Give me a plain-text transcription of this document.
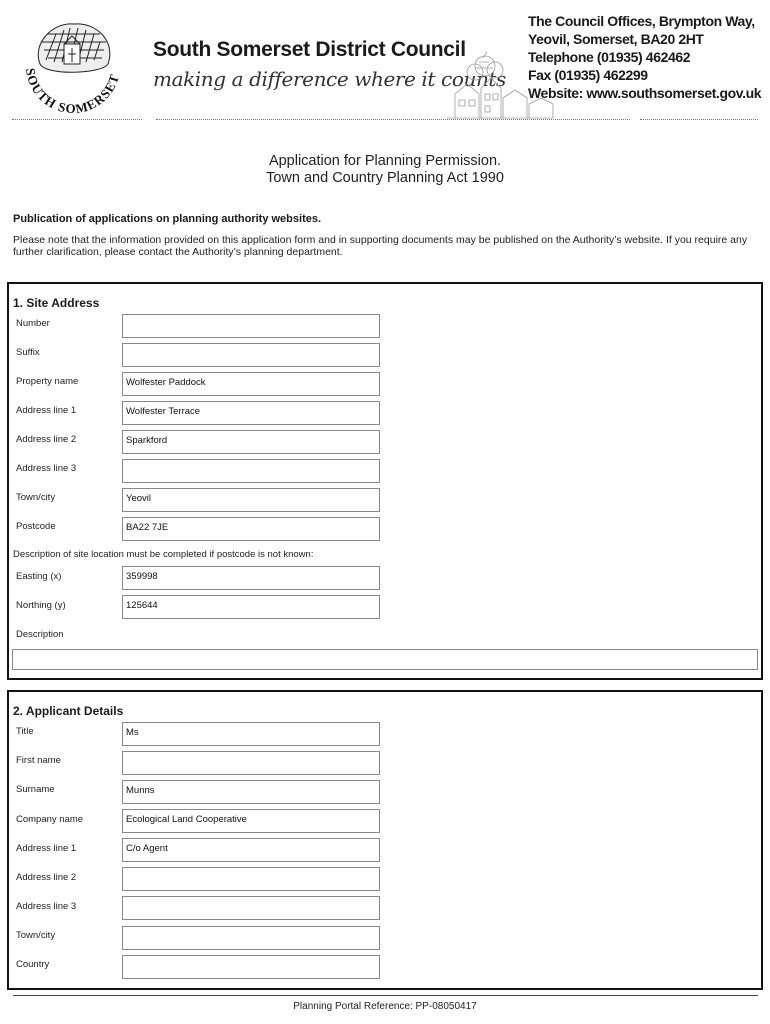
SOUTH SOMERSET
South Somerset District Council
making a difference where it counts
The Council Offices, Brympton Way,
Yeovil, Somerset, BA20 2HT
Telephone (01935) 462462
Fax (01935) 462299
Website: www.southsomerset.gov.uk
Application for Planning Permission.
Town and Country Planning Act 1990
Publication of applications on planning authority websites.
Please note that the information provided on this application form and in supporting documents may be published on the Authority’s website. If you require any further clarification, please contact the Authority’s planning department.
1. Site Address
Number
Suffix
Property name	Wolfester Paddock
Address line 1	Wolfester Terrace
Address line 2	Sparkford
Address line 3
Town/city	Yeovil
Postcode	BA22 7JE
Description of site location must be completed if postcode is not known:
Easting (x)	359998
Northing (y)	125644
Description
2. Applicant Details
Title	Ms
First name
Surname	Munns
Company name	Ecological Land Cooperative
Address line 1	C/o Agent
Address line 2
Address line 3
Town/city
Country
Planning Portal Reference: PP-08050417
